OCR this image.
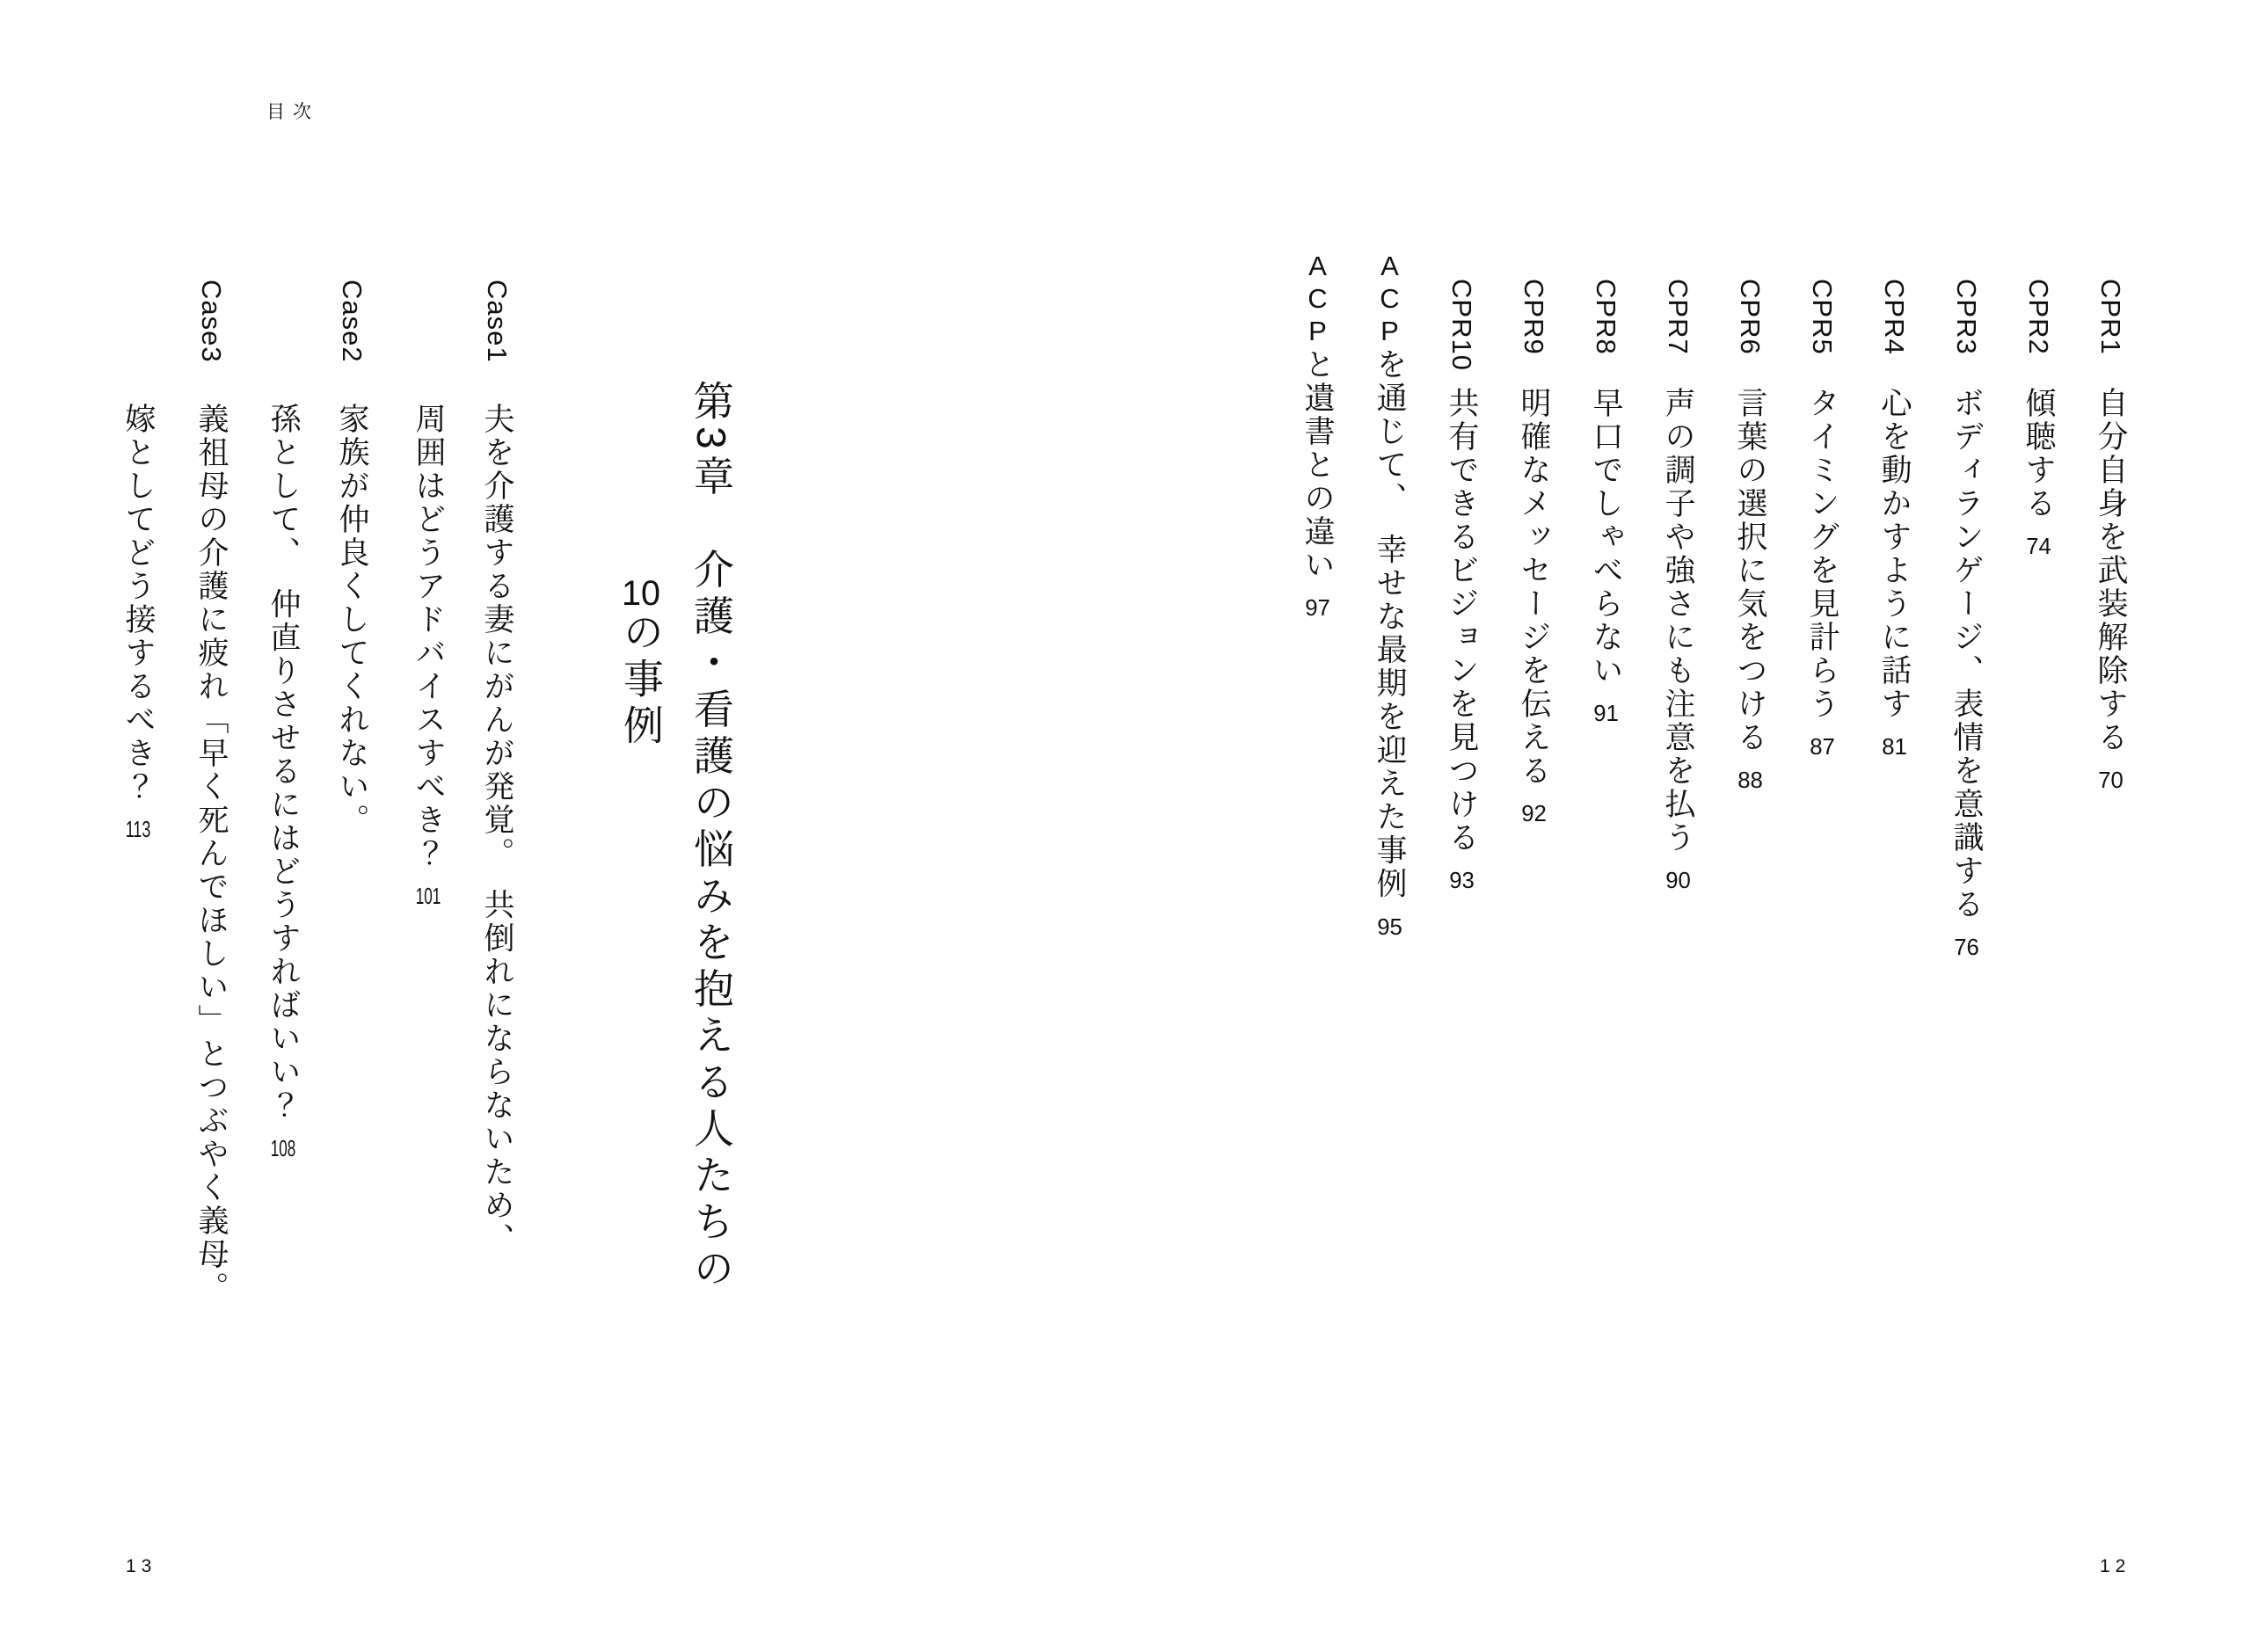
目次
第3章　介護・看護の悩みを抱える人たちの
10の事例
Case1夫を介護する妻にがんが発覚。　共倒れにならないため、
周囲はどうアドバイスすべき？101
Case2家族が仲良くしてくれない。
孫として、　仲直りさせるにはどうすればいい？108
Case3義祖母の介護に疲れ「早く死んでほしい」とつぶやく義母。
嫁としてどう接するべき？113
13
CPR1自分自身を武装解除する70
CPR2傾聴する74
CPR3ボディランゲージ、表情を意識する76
CPR4心を動かすように話す81
CPR5タイミングを見計らう87
CPR6言葉の選択に気をつける88
CPR7声の調子や強さにも注意を払う90
CPR8早口でしゃべらない91
CPR9明確なメッセージを伝える92
CPR10共有できるビジョンを見つける93
ACPを通じて、　幸せな最期を迎えた事例95
ACPと遺書との違い97
12
